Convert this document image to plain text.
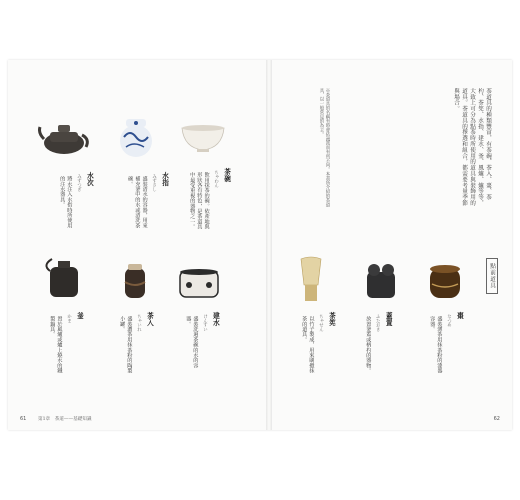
茶道具的種類豐富，有茶碗、茶入、棗、茶杓、茶筅、水指、建水、釜、風爐、爐等等，大致上可分為點茶時所使用的道具與裝飾用的道具。茶道具的擇選和組合，都需要考量季節與場合。
※茶道具的名稱有時會依流派而有所不同。本書所介紹的茶道具，以一般常見的為主。
茶碗
ちゃわん
飲用抹茶的碗。依產地與形狀各有特色，是茶道具中最受重視的器物之一。
水指
みずさし
盛裝清水的容器，用來補充釜中的水或清洗茶碗。
水次
みずつぎ
將水注入水指時所使用的注水器具。
建水
けんすい
盛裝洗過茶碗的水的容器。
茶入
ちゃいれ
盛裝濃茶用抹茶粉的陶製小罐。
釜
かま
置於風爐或爐上燒水的鐵製鍋具。
點前道具
棗
なつめ
盛裝薄茶用抹茶粉的漆器容器。
蓋置
ふたおき
放置釜蓋或柄杓的器物。
茶筅
ちゃせん
以竹子製成，用來刷攪抹茶的道具。
61	第1章　茶道——基礎知識	62
